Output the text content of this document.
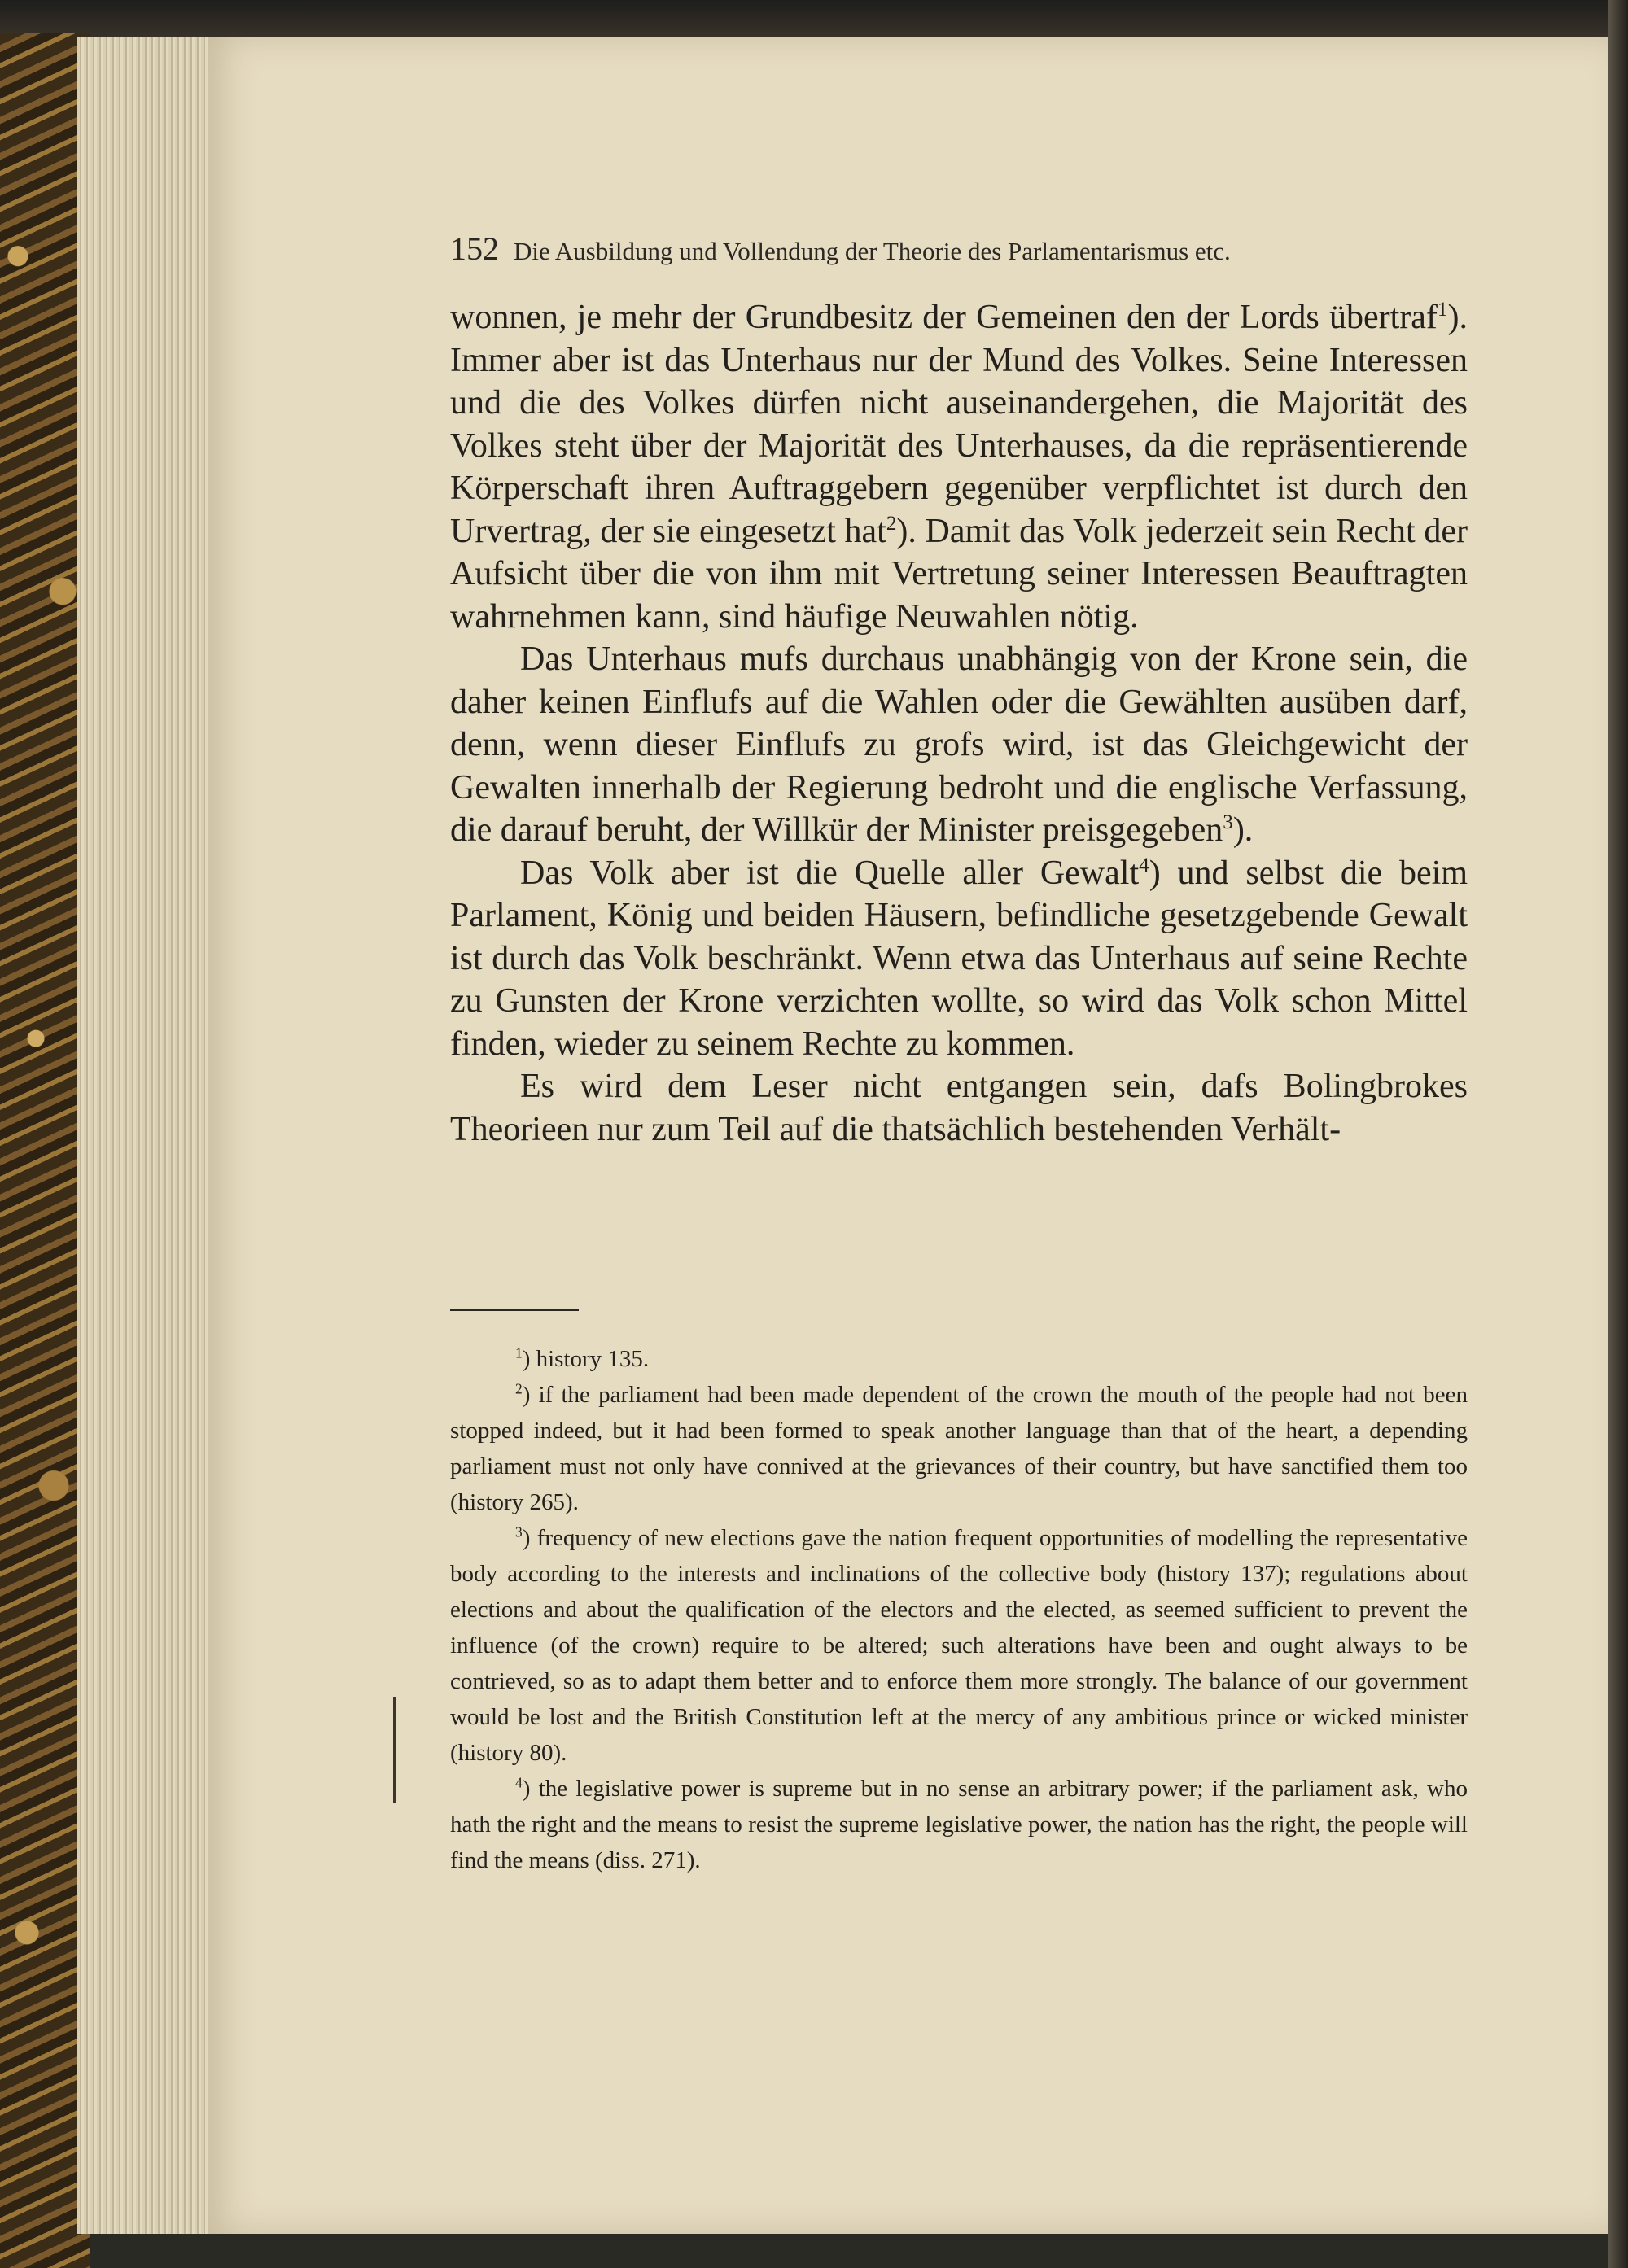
152 Die Ausbildung und Vollendung der Theorie des Parlamentarismus etc.

wonnen, je mehr der Grundbesitz der Gemeinen den der Lords übertraf$^1$). Immer aber ist das Unterhaus nur der Mund des Volkes. Seine Interessen und die des Volkes dürfen nicht auseinandergehen, die Majorität des Volkes steht über der Majorität des Unterhauses, da die repräsentierende Körperschaft ihren Auftraggebern gegenüber verpflichtet ist durch den Urvertrag, der sie eingesetzt hat$^2$). Damit das Volk jederzeit sein Recht der Aufsicht über die von ihm mit Vertretung seiner Interessen Beauftragten wahrnehmen kann, sind häufige Neuwahlen nötig.

Das Unterhaus mufs durchaus unabhängig von der Krone sein, die daher keinen Einflufs auf die Wahlen oder die Gewählten ausüben darf, denn, wenn dieser Einflufs zu grofs wird, ist das Gleichgewicht der Gewalten innerhalb der Regierung bedroht und die englische Verfassung, die darauf beruht, der Willkür der Minister preisgegeben$^3$).

Das Volk aber ist die Quelle aller Gewalt$^4$) und selbst die beim Parlament, König und beiden Häusern, befindliche gesetzgebende Gewalt ist durch das Volk beschränkt. Wenn etwa das Unterhaus auf seine Rechte zu Gunsten der Krone verzichten wollte, so wird das Volk schon Mittel finden, wieder zu seinem Rechte zu kommen.

Es wird dem Leser nicht entgangen sein, dafs Bolingbrokes Theorieen nur zum Teil auf die thatsächlich bestehenden Verhält-

$^1$) history 135.

$^2$) if the parliament had been made dependent of the crown the mouth of the people had not been stopped indeed, but it had been formed to speak another language than that of the heart, a depending parliament must not only have connived at the grievances of their country, but have sanctified them too (history 265).

$^3$) frequency of new elections gave the nation frequent opportunities of modelling the representative body according to the interests and inclinations of the collective body (history 137); regulations about elections and about the qualification of the electors and the elected, as seemed sufficient to prevent the influence (of the crown) require to be altered; such alterations have been and ought always to be contrieved, so as to adapt them better and to enforce them more strongly. The balance of our government would be lost and the British Constitution left at the mercy of any ambitious prince or wicked minister (history 80).

$^4$) the legislative power is supreme but in no sense an arbitrary power; if the parliament ask, who hath the right and the means to resist the supreme legislative power, the nation has the right, the people will find the means (diss. 271).
